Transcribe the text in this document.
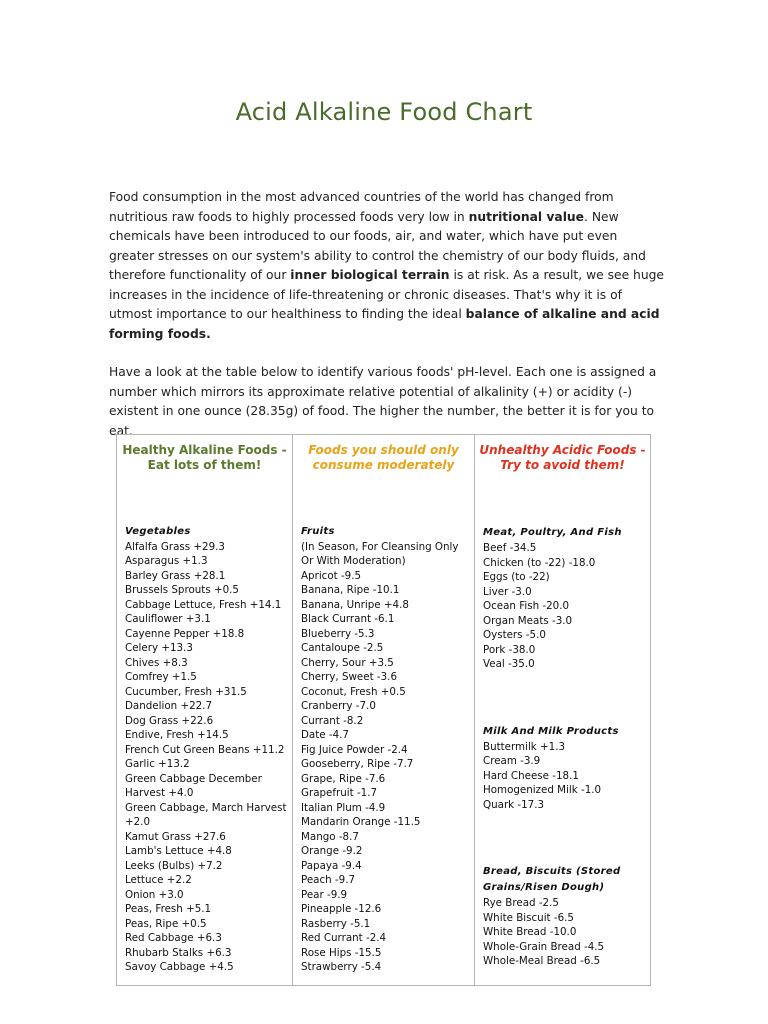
Acid Alkaline Food Chart

Food consumption in the most advanced countries of the world has changed from nutritious raw foods to highly processed foods very low in nutritional value. New chemicals have been introduced to our foods, air, and water, which have put even greater stresses on our system's ability to control the chemistry of our body fluids, and therefore functionality of our inner biological terrain is at risk. As a result, we see huge increases in the incidence of life-threatening or chronic diseases. That's why it is of utmost importance to our healthiness to finding the ideal balance of alkaline and acid forming foods.

Have a look at the table below to identify various foods' pH-level. Each one is assigned a number which mirrors its approximate relative potential of alkalinity (+) or acidity (-) existent in one ounce (28.35g) of food. The higher the number, the better it is for you to eat.

Healthy Alkaline Foods - Eat lots of them!
Vegetables
Alfalfa Grass +29.3
Asparagus +1.3
Barley Grass +28.1
Brussels Sprouts +0.5
Cabbage Lettuce, Fresh +14.1
Cauliflower +3.1
Cayenne Pepper +18.8
Celery +13.3
Chives +8.3
Comfrey +1.5
Cucumber, Fresh +31.5
Dandelion +22.7
Dog Grass +22.6
Endive, Fresh +14.5
French Cut Green Beans +11.2
Garlic +13.2
Green Cabbage December Harvest +4.0
Green Cabbage, March Harvest +2.0
Kamut Grass +27.6
Lamb's Lettuce +4.8
Leeks (Bulbs) +7.2
Lettuce +2.2
Onion +3.0
Peas, Fresh +5.1
Peas, Ripe +0.5
Red Cabbage +6.3
Rhubarb Stalks +6.3
Savoy Cabbage +4.5
Foods you should only consume moderately
Fruits
(In Season, For Cleansing Only Or With Moderation)
Apricot -9.5
Banana, Ripe -10.1
Banana, Unripe +4.8
Black Currant -6.1
Blueberry -5.3
Cantaloupe -2.5
Cherry, Sour +3.5
Cherry, Sweet -3.6
Coconut, Fresh +0.5
Cranberry -7.0
Currant -8.2
Date -4.7
Fig Juice Powder -2.4
Gooseberry, Ripe -7.7
Grape, Ripe -7.6
Grapefruit -1.7
Italian Plum -4.9
Mandarin Orange -11.5
Mango -8.7
Orange -9.2
Papaya -9.4
Peach -9.7
Pear -9.9
Pineapple -12.6
Rasberry -5.1
Red Currant -2.4
Rose Hips -15.5
Strawberry -5.4
Unhealthy Acidic Foods - Try to avoid them!
Meat, Poultry, And Fish
Beef -34.5
Chicken (to -22) -18.0
Eggs (to -22)
Liver -3.0
Ocean Fish -20.0
Organ Meats -3.0
Oysters -5.0
Pork -38.0
Veal -35.0
Milk And Milk Products
Buttermilk +1.3
Cream -3.9
Hard Cheese -18.1
Homogenized Milk -1.0
Quark -17.3
Bread, Biscuits (Stored Grains/Risen Dough)
Rye Bread -2.5
White Biscuit -6.5
White Bread -10.0
Whole-Grain Bread -4.5
Whole-Meal Bread -6.5
